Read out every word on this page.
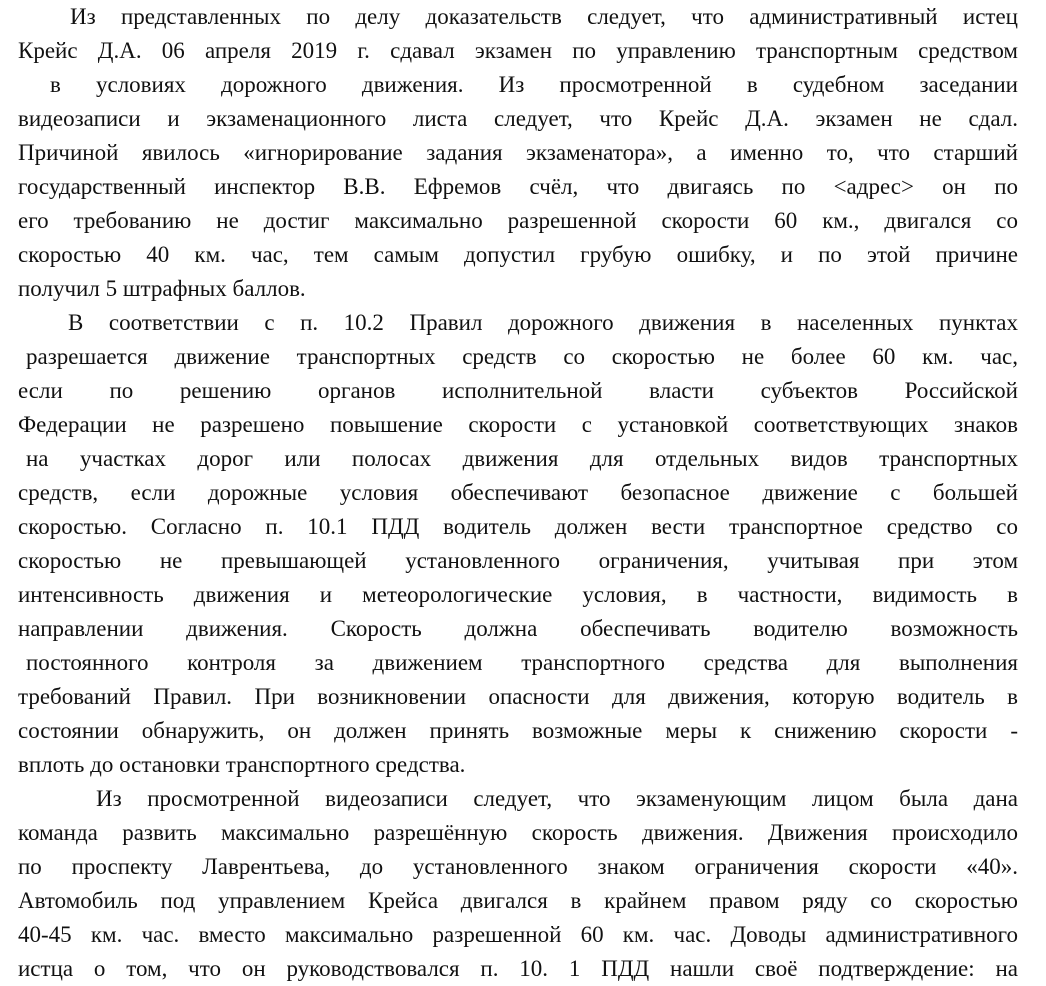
Из представленных по делу доказательств следует, что административный истец
Крейс Д.А. 06 апреля 2019 г. сдавал экзамен по управлению транспортным средством
в условиях дорожного движения. Из просмотренной в судебном заседании
видеозаписи и экзаменационного листа следует, что Крейс Д.А. экзамен не сдал.
Причиной явилось «игнорирование задания экзаменатора», а именно то, что старший
государственный инспектор В.В. Ефремов счёл, что двигаясь по <адрес> он по
его требованию не достиг максимально разрешенной скорости 60 км., двигался со
скоростью 40 км. час, тем самым допустил грубую ошибку, и по этой причине
получил 5 штрафных баллов.
В соответствии с п. 10.2 Правил дорожного движения в населенных пунктах
разрешается движение транспортных средств со скоростью не более 60 км. час,
если по решению органов исполнительной власти субъектов Российской
Федерации не разрешено повышение скорости с установкой соответствующих знаков
на участках дорог или полосах движения для отдельных видов транспортных
средств, если дорожные условия обеспечивают безопасное движение с большей
скоростью. Согласно п. 10.1 ПДД водитель должен вести транспортное средство со
скоростью не превышающей установленного ограничения, учитывая при этом
интенсивность движения и метеорологические условия, в частности, видимость в
направлении движения. Скорость должна обеспечивать водителю возможность
постоянного контроля за движением транспортного средства для выполнения
требований Правил. При возникновении опасности для движения, которую водитель в
состоянии обнаружить, он должен принять возможные меры к снижению скорости -
вплоть до остановки транспортного средства.
Из просмотренной видеозаписи следует, что экзаменующим лицом была дана
команда развить максимально разрешённую скорость движения. Движения происходило
по проспекту Лаврентьева, до установленного знаком ограничения скорости «40».
Автомобиль под управлением Крейса двигался в крайнем правом ряду со скоростью
40-45 км. час. вместо максимально разрешенной 60 км. час. Доводы административного
истца о том, что он руководствовался п. 10. 1 ПДД нашли своё подтверждение: на
